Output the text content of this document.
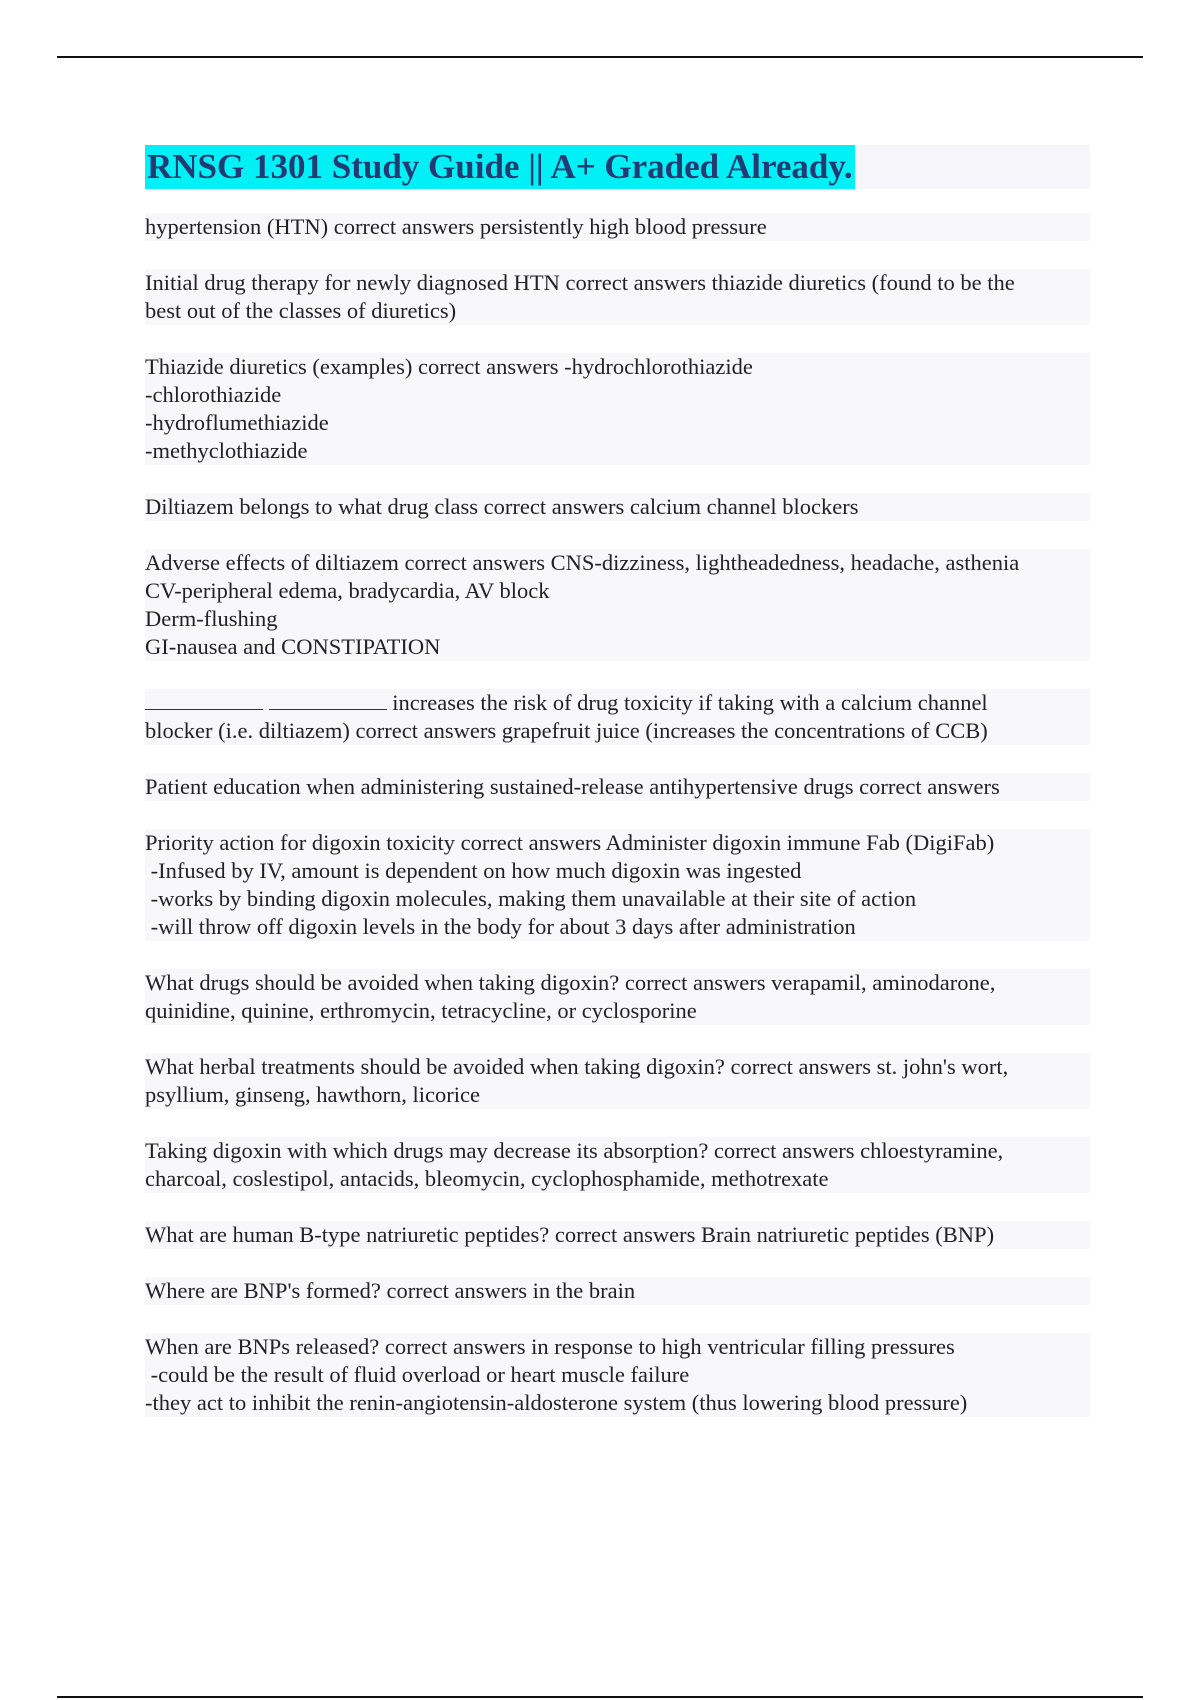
RNSG 1301 Study Guide || A+ Graded Already.
hypertension (HTN) correct answers persistently high blood pressure
Initial drug therapy for newly diagnosed HTN correct answers thiazide diuretics (found to be the
best out of the classes of diuretics)
Thiazide diuretics (examples) correct answers -hydrochlorothiazide
-chlorothiazide
-hydroflumethiazide
-methyclothiazide
Diltiazem belongs to what drug class correct answers calcium channel blockers
Adverse effects of diltiazem correct answers CNS-dizziness, lightheadedness, headache, asthenia
CV-peripheral edema, bradycardia, AV block
Derm-flushing
GI-nausea and CONSTIPATION
increases the risk of drug toxicity if taking with a calcium channel
blocker (i.e. diltiazem) correct answers grapefruit juice (increases the concentrations of CCB)
Patient education when administering sustained-release antihypertensive drugs correct answers
Priority action for digoxin toxicity correct answers Administer digoxin immune Fab (DigiFab)
-Infused by IV, amount is dependent on how much digoxin was ingested
-works by binding digoxin molecules, making them unavailable at their site of action
-will throw off digoxin levels in the body for about 3 days after administration
What drugs should be avoided when taking digoxin? correct answers verapamil, aminodarone,
quinidine, quinine, erthromycin, tetracycline, or cyclosporine
What herbal treatments should be avoided when taking digoxin? correct answers st. john's wort,
psyllium, ginseng, hawthorn, licorice
Taking digoxin with which drugs may decrease its absorption? correct answers chloestyramine,
charcoal, coslestipol, antacids, bleomycin, cyclophosphamide, methotrexate
What are human B-type natriuretic peptides? correct answers Brain natriuretic peptides (BNP)
Where are BNP's formed? correct answers in the brain
When are BNPs released? correct answers in response to high ventricular filling pressures
-could be the result of fluid overload or heart muscle failure
-they act to inhibit the renin-angiotensin-aldosterone system (thus lowering blood pressure)
